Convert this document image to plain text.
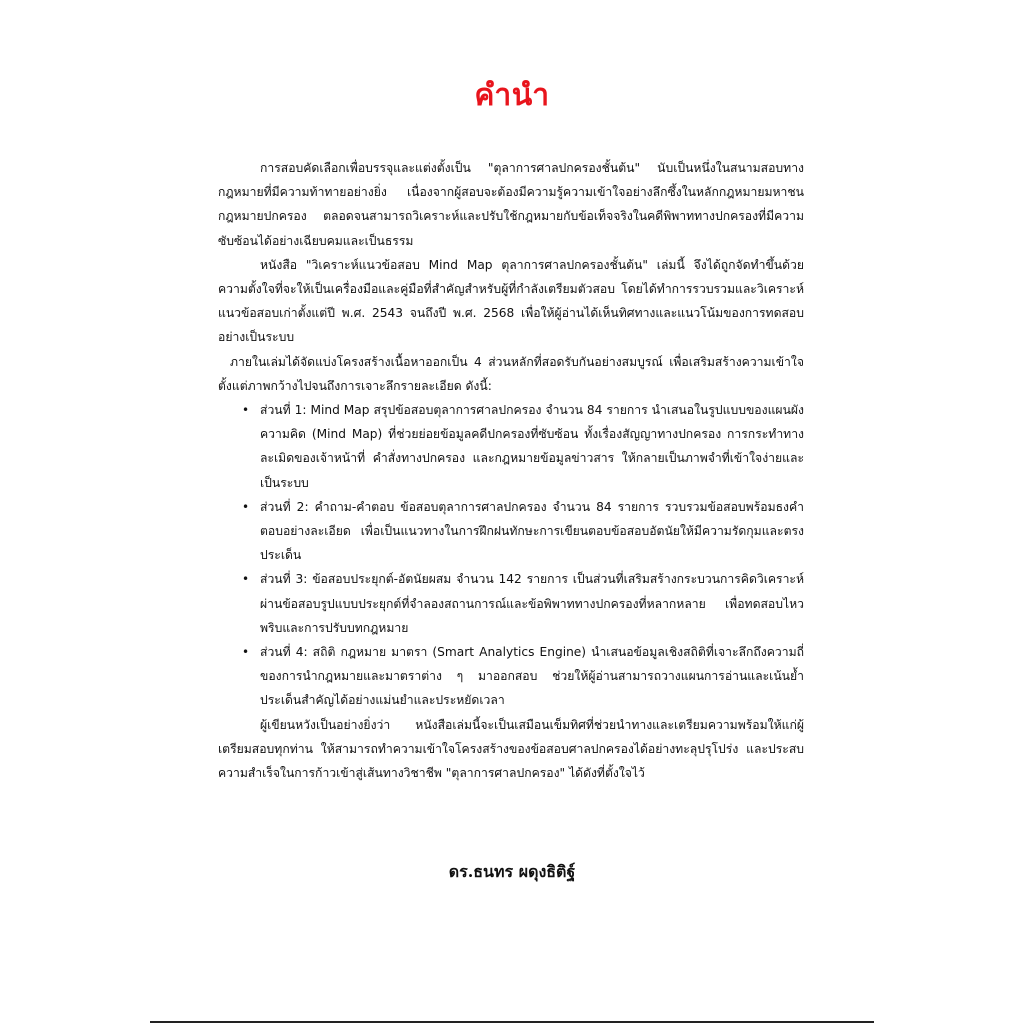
คำนำ

การสอบคัดเลือกเพื่อบรรจุและแต่งตั้งเป็น "ตุลาการศาลปกครองชั้นต้น" นับเป็นหนึ่งในสนามสอบทางกฎหมายที่มีความท้าทายอย่างยิ่ง เนื่องจากผู้สอบจะต้องมีความรู้ความเข้าใจอย่างลึกซึ้งในหลักกฎหมายมหาชน กฎหมายปกครอง ตลอดจนสามารถวิเคราะห์และปรับใช้กฎหมายกับข้อเท็จจริงในคดีพิพาททางปกครองที่มีความซับซ้อนได้อย่างเฉียบคมและเป็นธรรม

หนังสือ "วิเคราะห์แนวข้อสอบ Mind Map ตุลาการศาลปกครองชั้นต้น" เล่มนี้ จึงได้ถูกจัดทำขึ้นด้วยความตั้งใจที่จะให้เป็นเครื่องมือและคู่มือที่สำคัญสำหรับผู้ที่กำลังเตรียมตัวสอบ โดยได้ทำการรวบรวมและวิเคราะห์แนวข้อสอบเก่าตั้งแต่ปี พ.ศ. 2543 จนถึงปี พ.ศ. 2568 เพื่อให้ผู้อ่านได้เห็นทิศทางและแนวโน้มของการทดสอบอย่างเป็นระบบ

ภายในเล่มได้จัดแบ่งโครงสร้างเนื้อหาออกเป็น 4 ส่วนหลักที่สอดรับกันอย่างสมบูรณ์ เพื่อเสริมสร้างความเข้าใจตั้งแต่ภาพกว้างไปจนถึงการเจาะลึกรายละเอียด ดังนี้:

• ส่วนที่ 1: Mind Map สรุปข้อสอบตุลาการศาลปกครอง จำนวน 84 รายการ นำเสนอในรูปแบบของแผนผังความคิด (Mind Map) ที่ช่วยย่อยข้อมูลคดีปกครองที่ซับซ้อน ทั้งเรื่องสัญญาทางปกครอง การกระทำทางละเมิดของเจ้าหน้าที่ คำสั่งทางปกครอง และกฎหมายข้อมูลข่าวสาร ให้กลายเป็นภาพจำที่เข้าใจง่ายและเป็นระบบ
• ส่วนที่ 2: คำถาม-คำตอบ ข้อสอบตุลาการศาลปกครอง จำนวน 84 รายการ รวบรวมข้อสอบพร้อมธงคำตอบอย่างละเอียด เพื่อเป็นแนวทางในการฝึกฝนทักษะการเขียนตอบข้อสอบอัตนัยให้มีความรัดกุมและตรงประเด็น
• ส่วนที่ 3: ข้อสอบประยุกต์-อัตนัยผสม จำนวน 142 รายการ เป็นส่วนที่เสริมสร้างกระบวนการคิดวิเคราะห์ ผ่านข้อสอบรูปแบบประยุกต์ที่จำลองสถานการณ์และข้อพิพาททางปกครองที่หลากหลาย เพื่อทดสอบไหวพริบและการปรับบทกฎหมาย
• ส่วนที่ 4: สถิติ กฎหมาย มาตรา (Smart Analytics Engine) นำเสนอข้อมูลเชิงสถิติที่เจาะลึกถึงความถี่ของการนำกฎหมายและมาตราต่าง ๆ มาออกสอบ ช่วยให้ผู้อ่านสามารถวางแผนการอ่านและเน้นย้ำประเด็นสำคัญได้อย่างแม่นยำและประหยัดเวลา

ผู้เขียนหวังเป็นอย่างยิ่งว่า หนังสือเล่มนี้จะเป็นเสมือนเข็มทิศที่ช่วยนำทางและเตรียมความพร้อมให้แก่ผู้เตรียมสอบทุกท่าน ให้สามารถทำความเข้าใจโครงสร้างของข้อสอบศาลปกครองได้อย่างทะลุปรุโปร่ง และประสบความสำเร็จในการก้าวเข้าสู่เส้นทางวิชาชีพ "ตุลาการศาลปกครอง" ได้ดังที่ตั้งใจไว้

ดร.ธนทร ผดุงธิติฐ์
